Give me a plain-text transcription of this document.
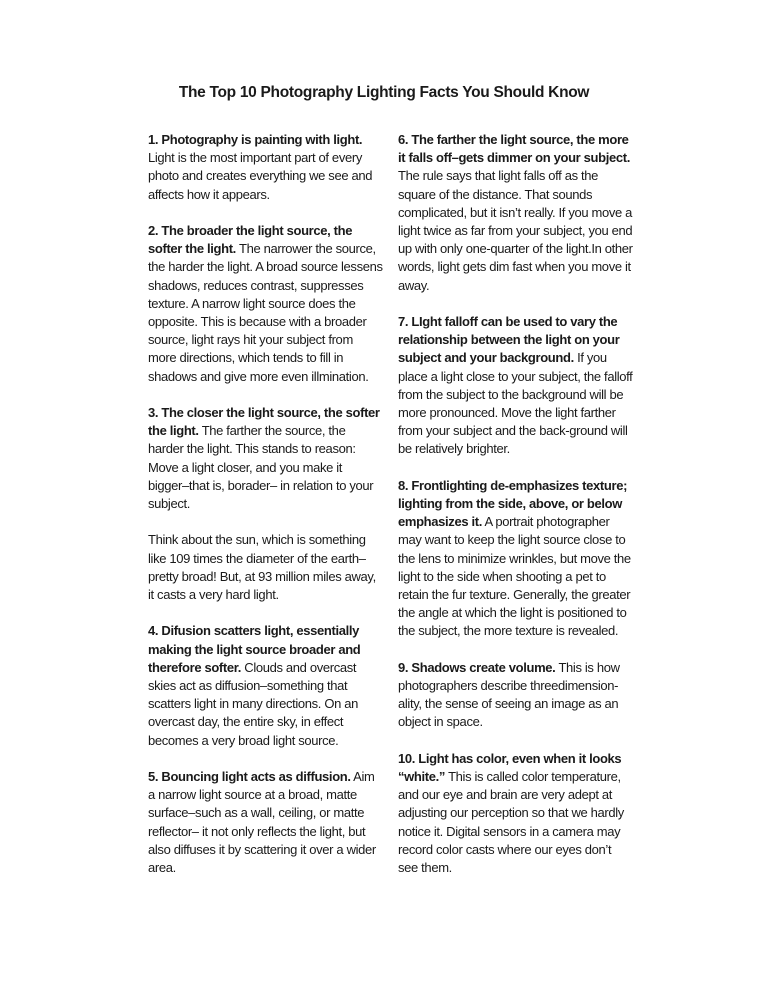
The Top 10 Photography Lighting Facts You Should Know

1. Photography is painting with light. Light is the most important part of every photo and creates everything we see and affects how it appears.

2. The broader the light source, the softer the light. The narrower the source, the harder the light. A broad source lessens shadows, reduces contrast, suppresses texture. A narrow light source does the opposite. This is because with a broader source, light rays hit your subject from more directions, which tends to fill in shadows and give more even illmination.

3. The closer the light source, the softer the light. The farther the source, the harder the light. This stands to reason: Move a light closer, and you make it bigger–that is, borader– in relation to your subject.

Think about the sun, which is something like 109 times the diameter of the earth–pretty broad! But, at 93 million miles away, it casts a very hard light.

4. Difusion scatters light, essentially making the light source broader and therefore softer. Clouds and overcast skies act as diffusion–something that scatters light in many directions. On an overcast day, the entire sky, in effect becomes a very broad light source.

5. Bouncing light acts as diffusion. Aim a narrow light source at a broad, matte surface–such as a wall, ceiling, or matte reflector– it not only reflects the light, but also diffuses it by scattering it over a wider area.

6. The farther the light source, the more it falls off–gets dimmer on your subject. The rule says that light falls off as the square of the distance. That sounds complicated, but it isn’t really. If you move a light twice as far from your subject, you end up with only one-quarter of the light.In other words, light gets dim fast when you move it away.

7. LIght falloff can be used to vary the relationship between the light on your subject and your background. If you place a light close to your subject, the falloff from the subject to the background will be more pronounced. Move the light farther from your subject and the back-ground will be relatively brighter.

8. Frontlighting de-emphasizes texture; lighting from the side, above, or below emphasizes it. A portrait photographer may want to keep the light source close to the lens to minimize wrinkles, but move the light to the side when shooting a pet to retain the fur texture. Generally, the greater the angle at which the light is positioned to the subject, the more texture is revealed.

9. Shadows create volume. This is how photographers describe threedimension-ality, the sense of seeing an image as an object in space.

10. Light has color, even when it looks “white.” This is called color temperature, and our eye and brain are very adept at adjusting our perception so that we hardly notice it. Digital sensors in a camera may record color casts where our eyes don’t see them.
